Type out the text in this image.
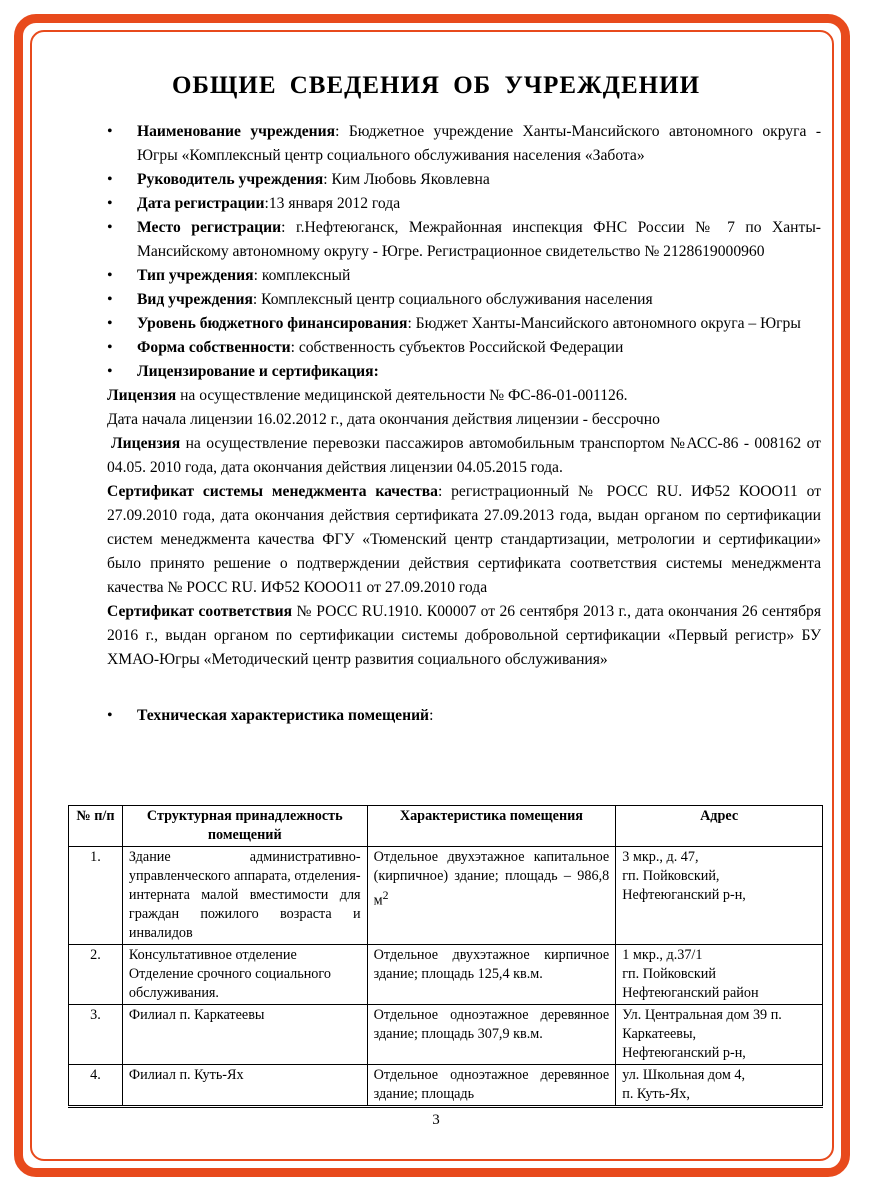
ОБЩИЕ СВЕДЕНИЯ ОБ УЧРЕЖДЕНИИ
• Наименование учреждения: Бюджетное учреждение Ханты-Мансийского автономного округа - Югры «Комплексный центр социального обслуживания населения «Забота»
• Руководитель учреждения: Ким Любовь Яковлевна
• Дата регистрации:13 января 2012 года
• Место регистрации: г.Нефтеюганск, Межрайонная инспекция ФНС России № 7 по Ханты-Мансийскому автономному округу - Югре. Регистрационное свидетельство № 2128619000960
• Тип учреждения: комплексный
• Вид учреждения: Комплексный центр социального обслуживания населения
• Уровень бюджетного финансирования: Бюджет Ханты-Мансийского автономного округа – Югры
• Форма собственности: собственность субъектов Российской Федерации
• Лицензирование и сертификация:

Лицензия на осуществление медицинской деятельности № ФС-86-01-001126.

Дата начала лицензии 16.02.2012 г., дата окончания действия лицензии - бессрочно

Лицензия на осуществление перевозки пассажиров автомобильным транспортом №АСС-86 - 008162 от 04.05. 2010 года, дата окончания действия лицензии 04.05.2015 года.

Сертификат системы менеджмента качества: регистрационный № РОСС RU. ИФ52 КООО11 от 27.09.2010 года, дата окончания действия сертификата 27.09.2013 года, выдан органом по сертификации систем менеджмента качества ФГУ «Тюменский центр стандартизации, метрологии и сертификации» было принято решение о подтверждении действия сертификата соответствия системы менеджмента качества № РОСС RU. ИФ52 КООО11 от 27.09.2010 года

Сертификат соответствия № РОСС RU.1910. К00007 от 26 сентября 2013 г., дата окончания 26 сентября 2016 г., выдан органом по сертификации системы добровольной сертификации «Первый регистр» БУ ХМАО-Югры «Методический центр развития социального обслуживания»

• Техническая характеристика помещений:
№ п/п	Структурная принадлежность помещений	Характеристика помещения	Адрес
1.	Здание административно-управленческого аппарата, отделения-интерната малой вместимости для граждан пожилого возраста и инвалидов	Отдельное двухэтажное капитальное (кирпичное) здание; площадь – 986,8 $м^2$	3 мкр., д. 47,
гп. Пойковский,
Нефтеюганский р-н,
2.	Консультативное отделение
Отделение срочного социального обслуживания.	Отдельное двухэтажное кирпичное здание; площадь 125,4 кв.м.	1 мкр., д.37/1
гп. Пойковский
Нефтеюганский район
3.	Филиал п. Каркатеевы	Отдельное одноэтажное деревянное здание; площадь 307,9 кв.м.	Ул. Центральная дом 39 п. Каркатеевы,
Нефтеюганский р-н,
4.	Филиал п. Куть-Ях	Отдельное одноэтажное деревянное здание; площадь	ул. Школьная дом 4,
п. Куть-Ях,
3
